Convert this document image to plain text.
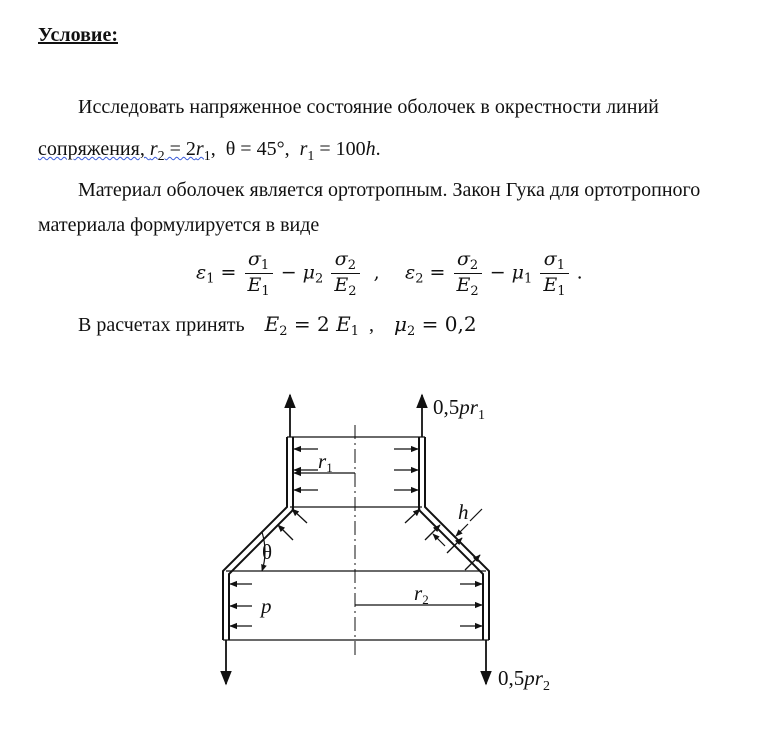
Условие:
Исследовать напряженное состояние оболочек в окрестности линий
сопряжения, $r_2 = 2r_1$,  θ = 45°,  $r_1 = 100h$.
Материал оболочек является ортотропным. Закон Гука для ортотропного
материала формулируется в виде
$\varepsilon_1 = \frac{\sigma_1}{E_1} - \mu_2 \frac{\sigma_2}{E_2}$ , $\varepsilon_2 = \frac{\sigma_2}{E_2} - \mu_1 \frac{\sigma_1}{E_1}$ .
В расчетах принять $E_2 = 2$ $E_1$  ,    $\mu_2 = 0,2$
$0,5pr_1$
$0,5pr_2$
r1
r2
h
θ
p
